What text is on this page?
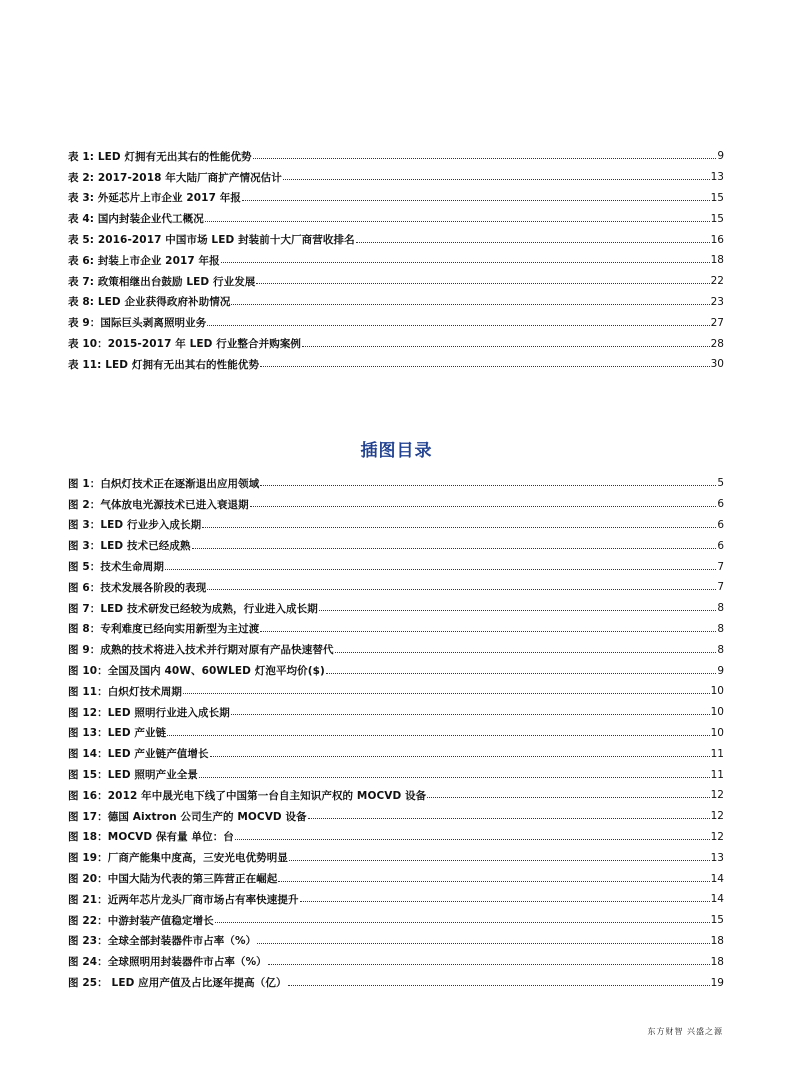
表 1: LED 灯拥有无出其右的性能优势	9
表 2: 2017-2018 年大陆厂商扩产情况估计	13
表 3: 外延芯片上市企业 2017 年报	15
表 4: 国内封装企业代工概况	15
表 5: 2016-2017 中国市场 LED 封装前十大厂商营收排名	16
表 6: 封装上市企业 2017 年报	18
表 7: 政策相继出台鼓励 LED 行业发展	22
表 8: LED 企业获得政府补助情况	23
表 9：国际巨头剥离照明业务	27
表 10：2015-2017 年 LED 行业整合并购案例	28
表 11: LED 灯拥有无出其右的性能优势	30
插图目录
图 1：白炽灯技术正在逐渐退出应用领域	5
图 2：气体放电光源技术已进入衰退期	6
图 3：LED 行业步入成长期	6
图 3：LED 技术已经成熟	6
图 5：技术生命周期	7
图 6：技术发展各阶段的表现	7
图 7：LED 技术研发已经较为成熟，行业进入成长期	8
图 8：专利难度已经向实用新型为主过渡	8
图 9：成熟的技术将进入技术并行期对原有产品快速替代	8
图 10：全国及国内 40W、60WLED 灯泡平均价($)	9
图 11：白炽灯技术周期	10
图 12：LED 照明行业进入成长期	10
图 13：LED 产业链	10
图 14：LED 产业链产值增长	11
图 15：LED 照明产业全景	11
图 16：2012 年中晟光电下线了中国第一台自主知识产权的 MOCVD 设备	12
图 17：德国 Aixtron 公司生产的 MOCVD 设备	12
图 18：MOCVD 保有量 单位：台	12
图 19：厂商产能集中度高，三安光电优势明显	13
图 20：中国大陆为代表的第三阵营正在崛起	14
图 21：近两年芯片龙头厂商市场占有率快速提升	14
图 22：中游封装产值稳定增长	15
图 23：全球全部封装器件市占率（%）	18
图 24：全球照明用封装器件市占率（%）	18
图 25： LED 应用产值及占比逐年提高（亿）	19
东方财智 兴盛之源
